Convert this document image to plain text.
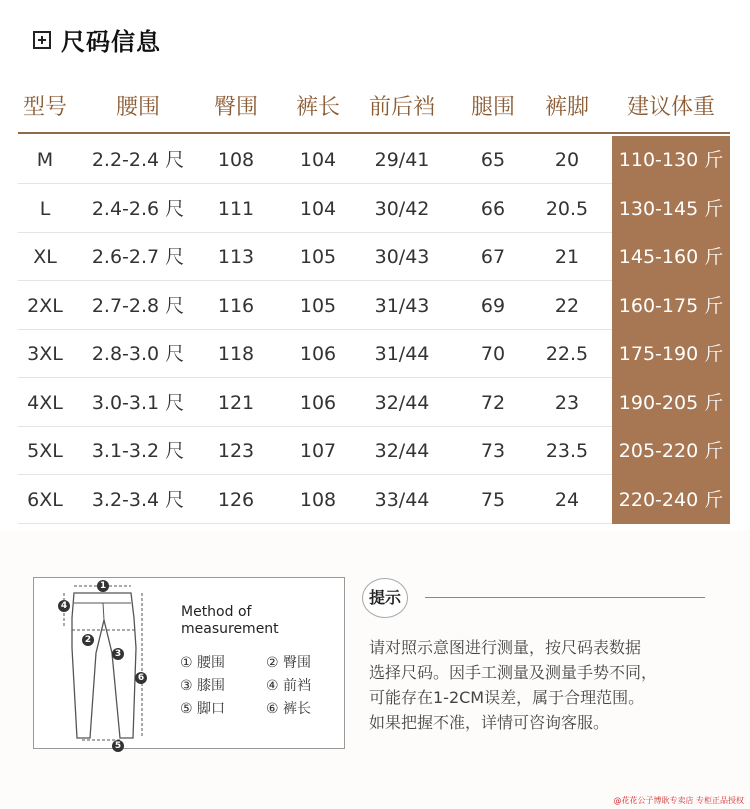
尺码信息
型号	腰围	臀围	裤长	前后裆	腿围	裤脚	建议体重
M	2.2-2.4 尺	108	104	29/41	65	20	110-130 斤
L	2.4-2.6 尺	111	104	30/42	66	20.5	130-145 斤
XL	2.6-2.7 尺	113	105	30/43	67	21	145-160 斤
2XL	2.7-2.8 尺	116	105	31/43	69	22	160-175 斤
3XL	2.8-3.0 尺	118	106	31/44	70	22.5	175-190 斤
4XL	3.0-3.1 尺	121	106	32/44	72	23	190-205 斤
5XL	3.1-3.2 尺	123	107	32/44	73	23.5	205-220 斤
6XL	3.2-3.4 尺	126	108	33/44	75	24	220-240 斤
1
2
3
4
5
6
Method of
measurement
① 腰围	② 臀围
③ 膝围	④ 前裆
⑤ 脚口	⑥ 裤长
提示
请对照示意图进行测量，按尺码表数据
选择尺码。因手工测量及测量手势不同，
可能存在1-2CM误差，属于合理范围。
如果把握不准，详情可咨询客服。
@花花公子博耿专卖店 专柜正品授权
